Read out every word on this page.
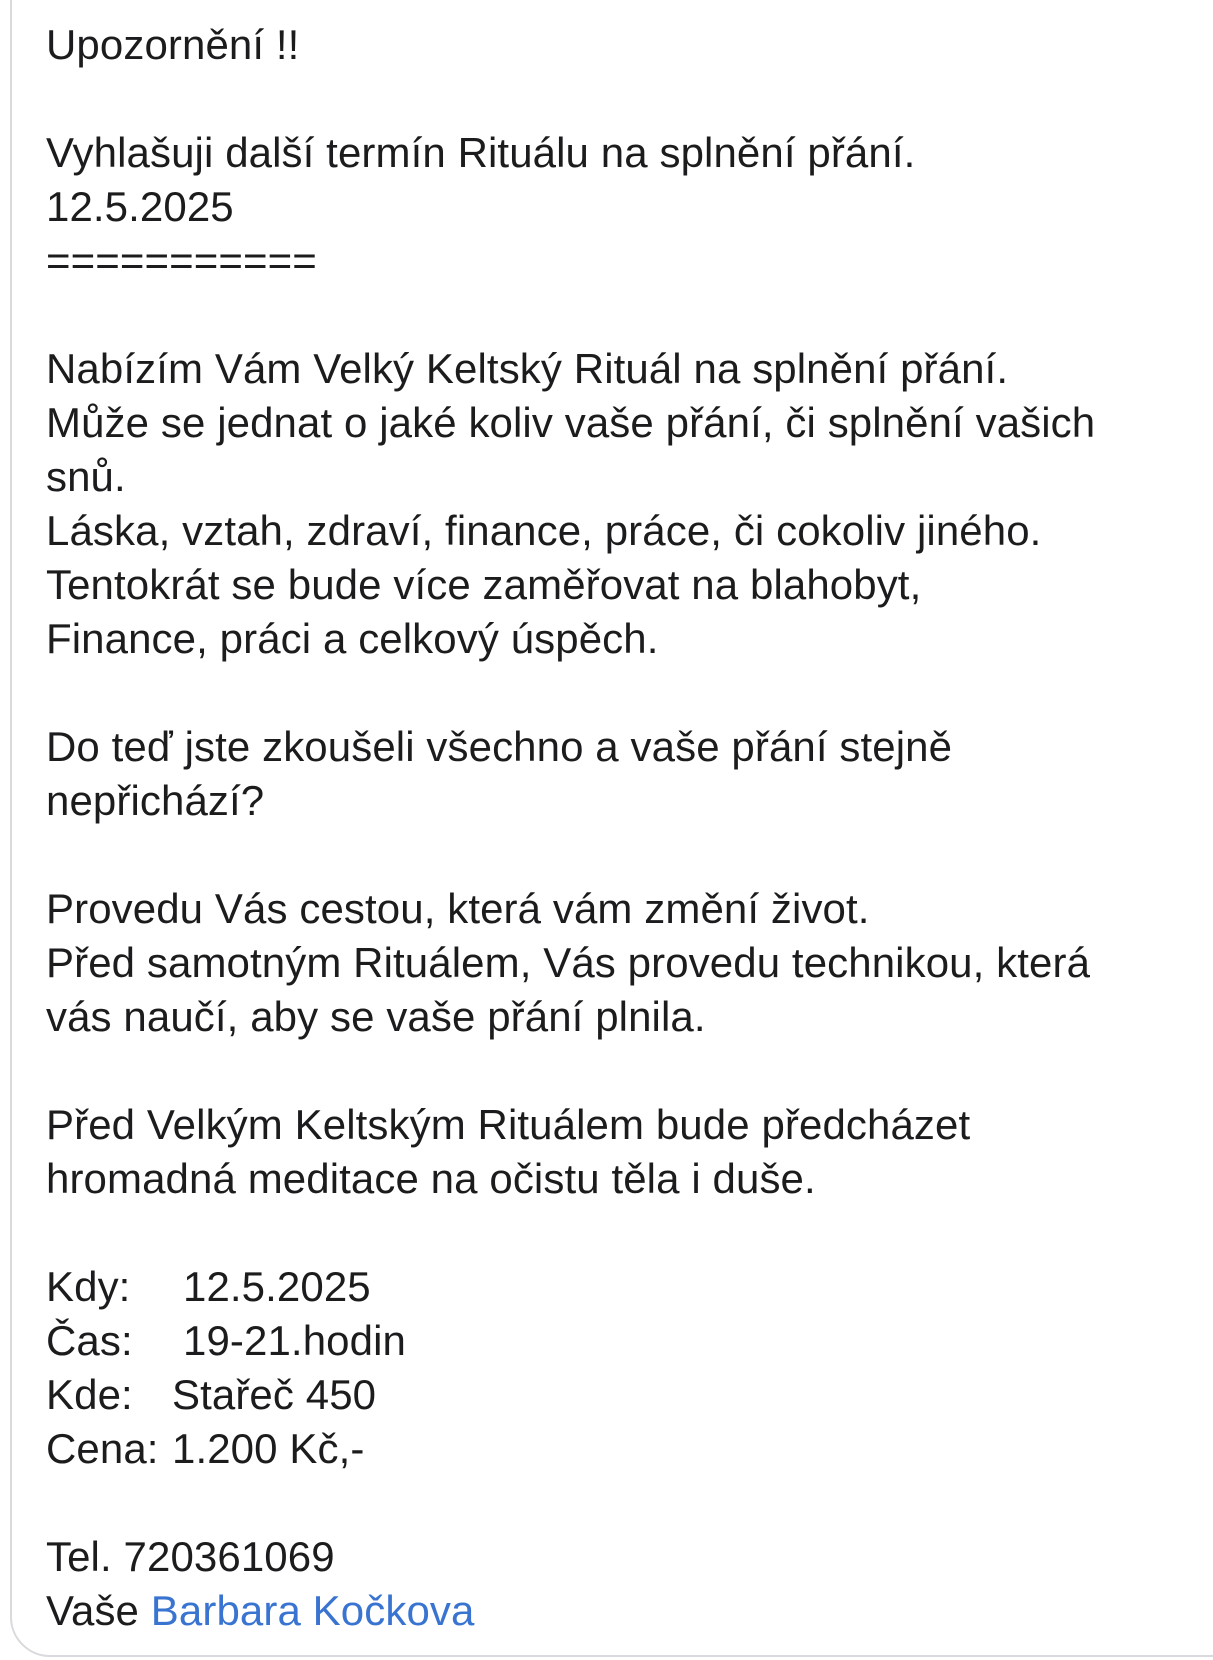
Upozornění !!
Vyhlašuji další termín Rituálu na splnění přání.
12.5.2025
===========
Nabízím Vám Velký Keltský Rituál na splnění přání.
Může se jednat o jaké koliv vaše přání, či splnění vašich
snů.
Láska, vztah, zdraví, finance, práce, či cokoliv jiného.
Tentokrát se bude více zaměřovat na blahobyt,
Finance, práci a celkový úspěch.
Do teď jste zkoušeli všechno a vaše přání stejně
nepřichází?
Provedu Vás cestou, která vám změní život.
Před samotným Rituálem, Vás provedu technikou, která
vás naučí, aby se vaše přání plnila.
Před Velkým Keltským Rituálem bude předcházet
hromadná meditace na očistu těla i duše.
Kdy: 12.5.2025
Čas: 19-21.hodin
Kde: Stařeč 450
Cena: 1.200 Kč,-
Tel. 720361069
Vaše Barbara Kočkova
